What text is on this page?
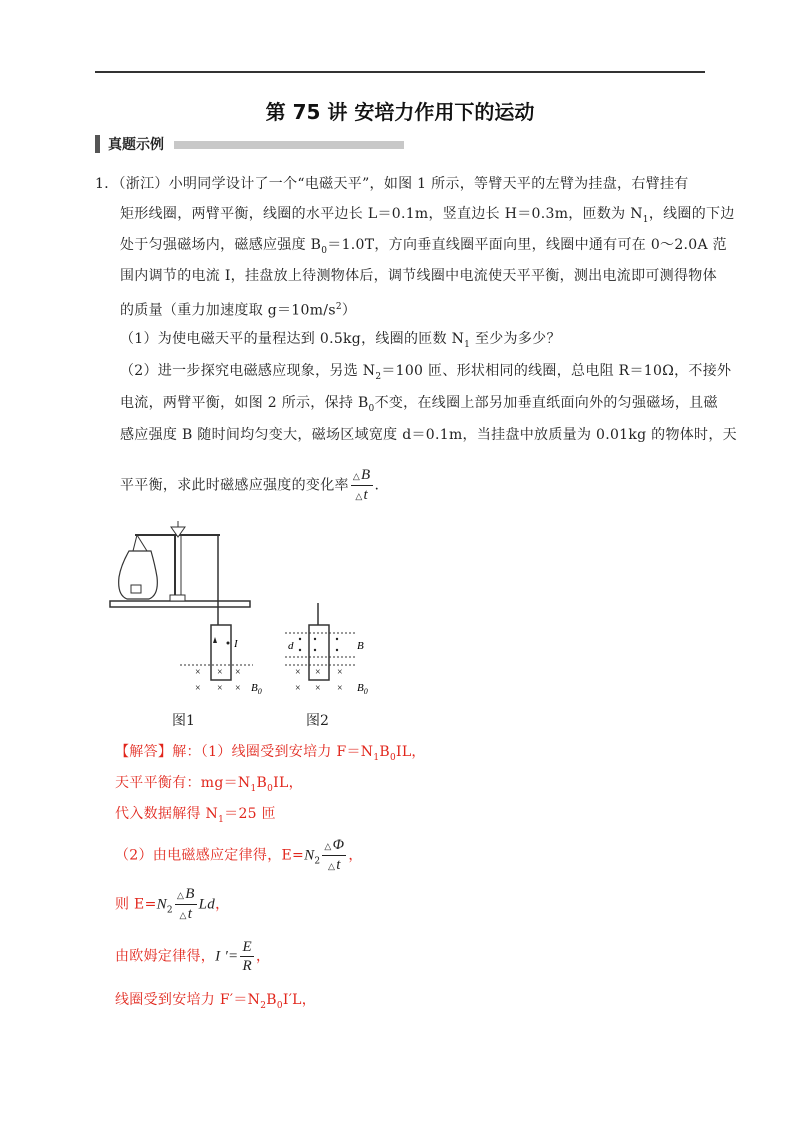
第 75 讲 安培力作用下的运动
真题示例
1．（浙江）小明同学设计了一个“电磁天平”，如图 1 所示，等臂天平的左臂为挂盘，右臂挂有
矩形线圈，两臂平衡，线圈的水平边长 L＝0.1m，竖直边长 H＝0.3m，匝数为 $N_1$，线圈的下边
处于匀强磁场内，磁感应强度 $B_0=1.0T$，方向垂直线圈平面向里，线圈中通有可在 0～2.0A 范
围内调节的电流 I，挂盘放上待测物体后，调节线圈中电流使天平平衡，测出电流即可测得物体
的质量（重力加速度取 $g=10m/s^2$）
（1）为使电磁天平的量程达到 0.5kg，线圈的匝数 $N_1$ 至少为多少？
（2）进一步探究电磁感应现象，另选 $N_2=100$ 匝、形状相同的线圈，总电阻 R＝10Ω，不接外
电流，两臂平衡，如图 2 所示，保持 $B_0$不变，在线圈上部另加垂直纸面向外的匀强磁场，且磁
感应强度 B 随时间均匀变大，磁场区域宽度 d＝0.1m，当挂盘中放质量为 0.01kg 的物体时，天
平平衡，求此时磁感应强度的变化率 $\frac{\triangle B}{\triangle t}$ .
I
× × ×
× × × $B_0$
d	B
× × ×
× × × $B_0$
图1	图2
【解答】解：（1）线圈受到安培力 $F=N_1B_0IL$，
天平平衡有：$mg=N_1B_0IL$，
代入数据解得 $N_1=25$ 匝
（2）由电磁感应定律得，$E=N_2 \frac{\triangle\Phi}{\triangle t}$ ，
则 $E=N_2 \frac{\triangle B}{\triangle t}$ Ld，
由欧姆定律得，I ′= $\frac{E}{R}$ ，
线圈受到安培力 $F'=N_2B_0I'L$，
